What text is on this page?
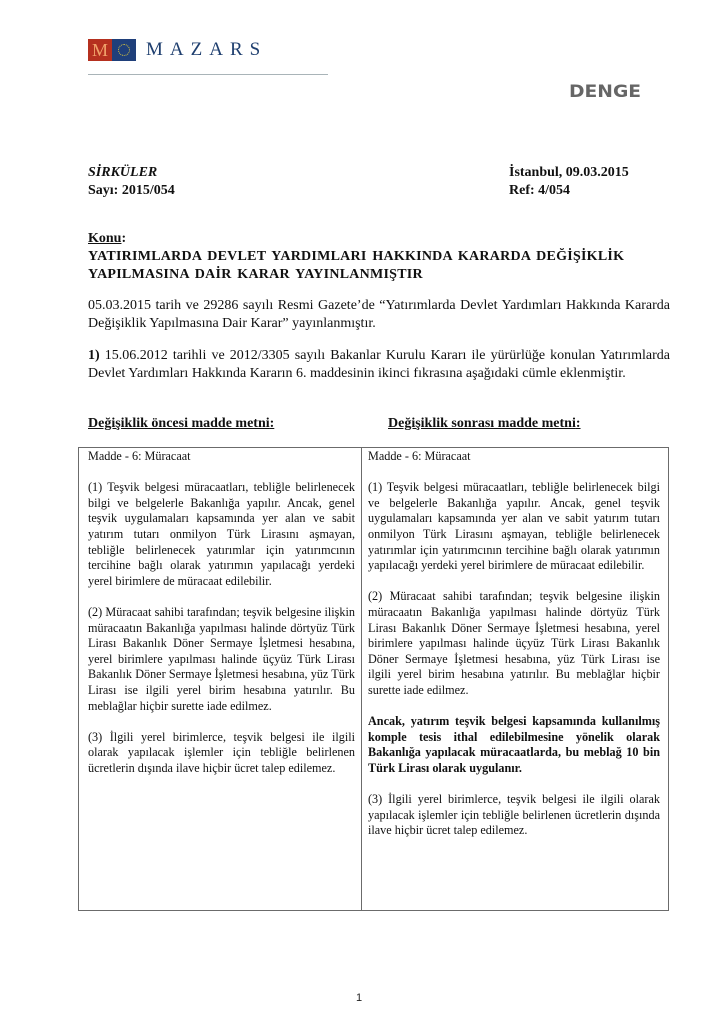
M MAZARS
DENGE
SİRKÜLER
Sayı: 2015/054
İstanbul, 09.03.2015
Ref: 4/054
Konu:
YATIRIMLARDA DEVLET YARDIMLARI HAKKINDA KARARDA DEĞİŞİKLİK YAPILMASINA DAİR KARAR YAYINLANMIŞTIR
05.03.2015 tarih ve 29286 sayılı Resmi Gazete’de “Yatırımlarda Devlet Yardımları Hakkında Kararda Değişiklik Yapılmasına Dair Karar” yayınlanmıştır.
1) 15.06.2012 tarihli ve 2012/3305 sayılı Bakanlar Kurulu Kararı ile yürürlüğe konulan Yatırımlarda Devlet Yardımları Hakkında Kararın 6. maddesinin ikinci fıkrasına aşağıdaki cümle eklenmiştir.
Değişiklik öncesi madde metni:	Değişiklik sonrası madde metni:

Madde - 6: Müracaat

(1) Teşvik belgesi müracaatları, tebliğle belirlenecek bilgi ve belgelerle Bakanlığa yapılır. Ancak, genel teşvik uygulamaları kapsamında yer alan ve sabit yatırım tutarı onmilyon Türk Lirasını aşmayan, tebliğle belirlenecek yatırımlar için yatırımcının tercihine bağlı olarak yatırımın yapılacağı yerdeki yerel birimlere de müracaat edilebilir.

(2) Müracaat sahibi tarafından; teşvik belgesine ilişkin müracaatın Bakanlığa yapılması halinde dörtyüz Türk Lirası Bakanlık Döner Sermaye İşletmesi hesabına, yerel birimlere yapılması halinde üçyüz Türk Lirası Bakanlık Döner Sermaye İşletmesi hesabına, yüz Türk Lirası ise ilgili yerel birim hesabına yatırılır. Bu meblağlar hiçbir surette iade edilmez.

(3) İlgili yerel birimlerce, teşvik belgesi ile ilgili olarak yapılacak işlemler için tebliğle belirlenen ücretlerin dışında ilave hiçbir ücret talep edilemez.

Madde - 6: Müracaat

(1) Teşvik belgesi müracaatları, tebliğle belirlenecek bilgi ve belgelerle Bakanlığa yapılır. Ancak, genel teşvik uygulamaları kapsamında yer alan ve sabit yatırım tutarı onmilyon Türk Lirasını aşmayan, tebliğle belirlenecek yatırımlar için yatırımcının tercihine bağlı olarak yatırımın yapılacağı yerdeki yerel birimlere de müracaat edilebilir.

(2) Müracaat sahibi tarafından; teşvik belgesine ilişkin müracaatın Bakanlığa yapılması halinde dörtyüz Türk Lirası Bakanlık Döner Sermaye İşletmesi hesabına, yerel birimlere yapılması halinde üçyüz Türk Lirası Bakanlık Döner Sermaye İşletmesi hesabına, yüz Türk Lirası ise ilgili yerel birim hesabına yatırılır. Bu meblağlar hiçbir surette iade edilmez.

Ancak, yatırım teşvik belgesi kapsamında kullanılmış komple tesis ithal edilebilmesine yönelik olarak Bakanlığa yapılacak müracaatlarda, bu meblağ 10 bin Türk Lirası olarak uygulanır.

(3) İlgili yerel birimlerce, teşvik belgesi ile ilgili olarak yapılacak işlemler için tebliğle belirlenen ücretlerin dışında ilave hiçbir ücret talep edilemez.

1
